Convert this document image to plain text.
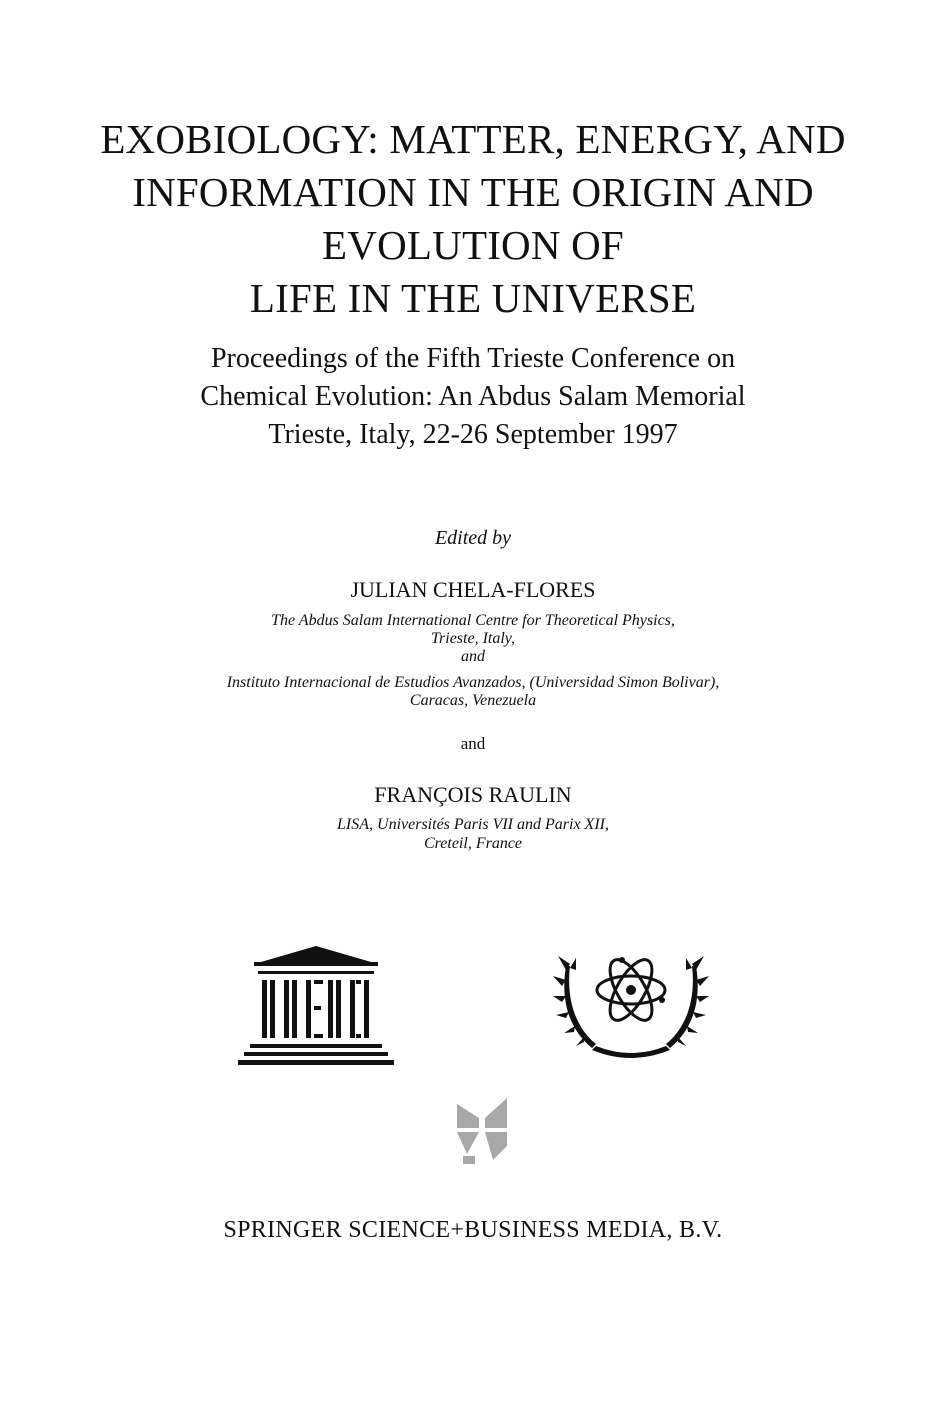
EXOBIOLOGY: MATTER, ENERGY, AND
INFORMATION IN THE ORIGIN AND
EVOLUTION OF
LIFE IN THE UNIVERSE
Proceedings of the Fifth Trieste Conference on
Chemical Evolution: An Abdus Salam Memorial
Trieste, Italy, 22-26 September 1997
Edited by
JULIAN CHELA-FLORES
The Abdus Salam International Centre for Theoretical Physics,
Trieste, Italy,
and
Instituto Internacional de Estudios Avanzados, (Universidad Simon Bolivar),
Caracas, Venezuela
and
FRANÇOIS RAULIN
LISA, Universités Paris VII and Parix XII,
Creteil, France
SPRINGER SCIENCE+BUSINESS MEDIA, B.V.
